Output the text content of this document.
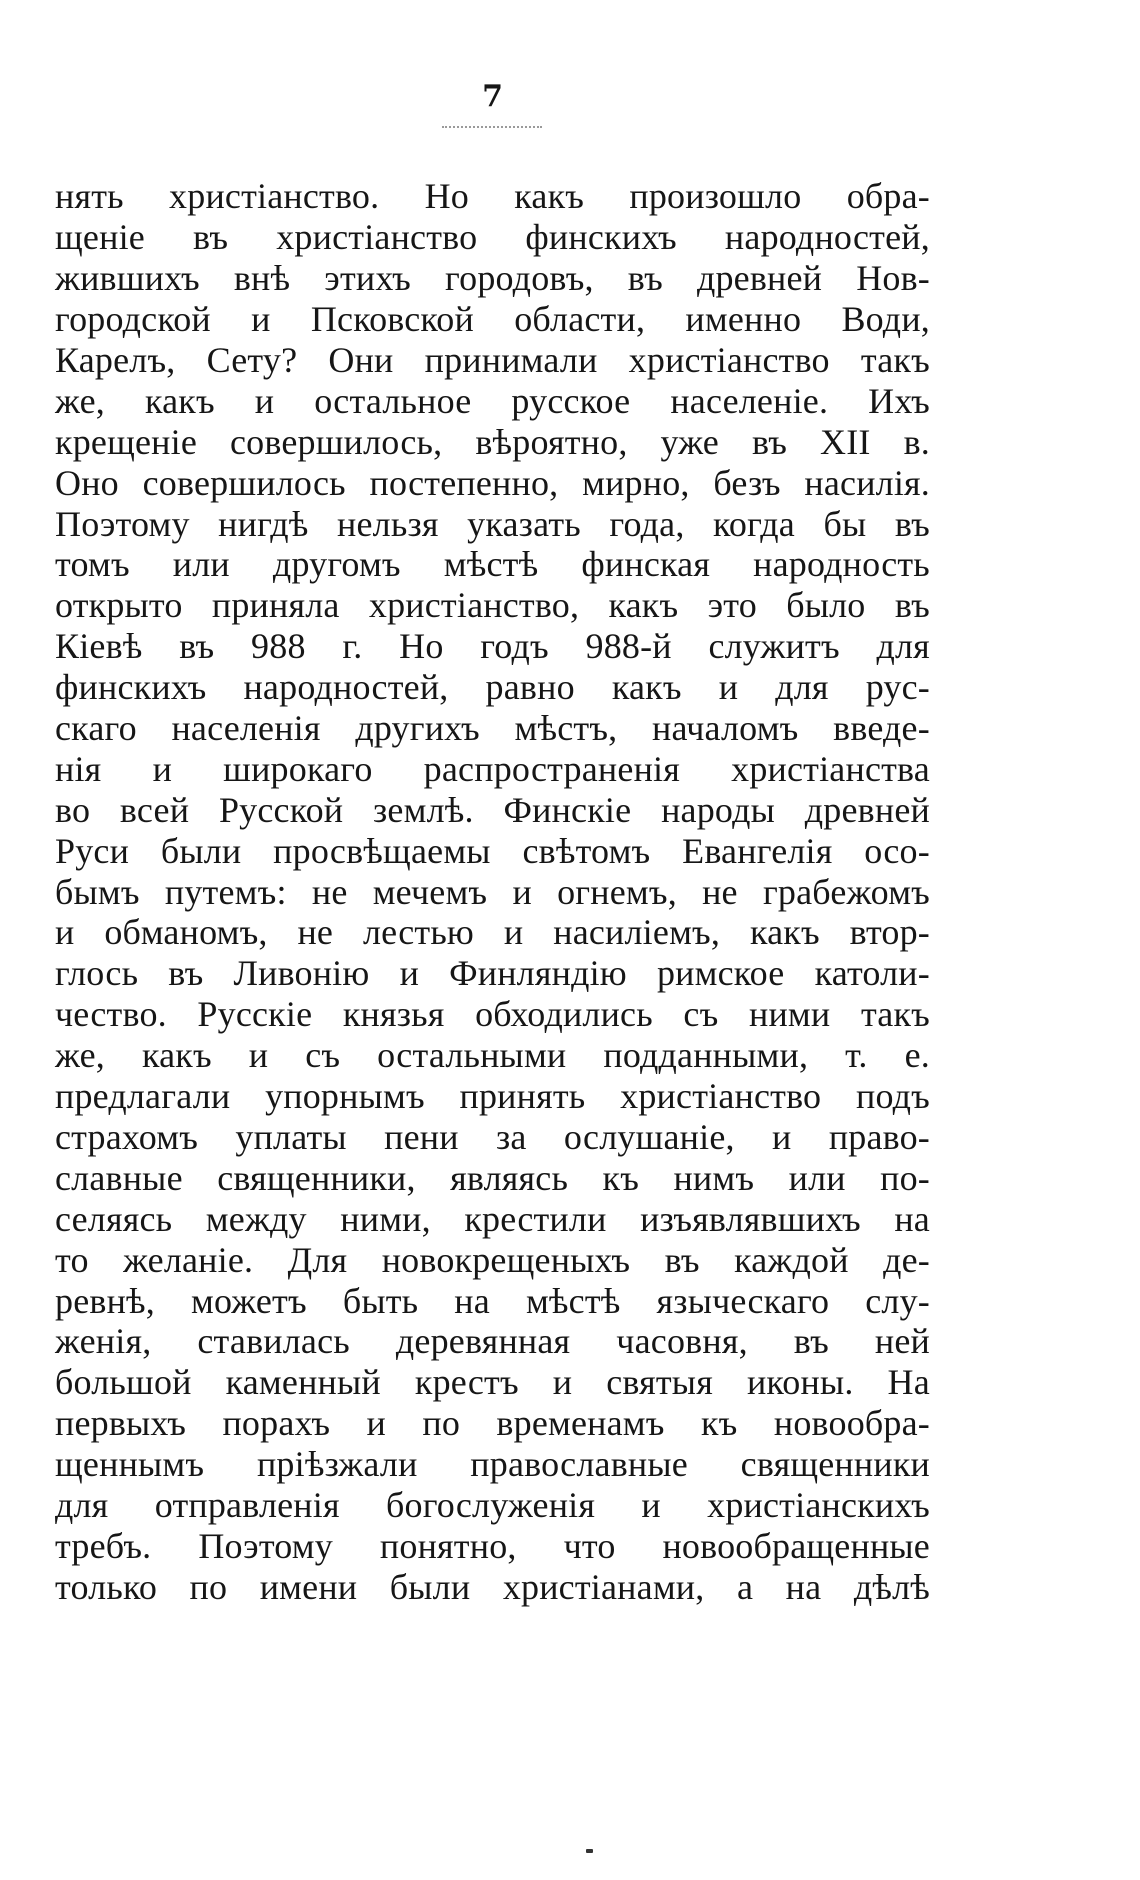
7
нять христіанство. Но какъ произошло обра-
щеніе въ христіанство финскихъ народностей,
жившихъ внѣ этихъ городовъ, въ древней Нов-
городской и Псковской области, именно Води,
Карелъ, Сету? Они принимали христіанство такъ
же, какъ и остальное русское населеніе. Ихъ
крещеніе совершилось, вѣроятно, уже въ XII в.
Оно совершилось постепенно, мирно, безъ насилія.
Поэтому нигдѣ нельзя указать года, когда бы въ
томъ или другомъ мѣстѣ финская народность
открыто приняла христіанство, какъ это было въ
Кіевѣ въ 988 г. Но годъ 988-й служитъ для
финскихъ народностей, равно какъ и для рус-
скаго населенія другихъ мѣстъ, началомъ введе-
нія и широкаго распространенія христіанства
во всей Русской землѣ. Финскіе народы древней
Руси были просвѣщаемы свѣтомъ Евангелія осо-
бымъ путемъ: не мечемъ и огнемъ, не грабежомъ
и обманомъ, не лестью и насиліемъ, какъ втор-
глось въ Ливонію и Финляндію римское католи-
чество. Русскіе князья обходились съ ними такъ
же, какъ и съ остальными подданными, т. е.
предлагали упорнымъ принять христіанство подъ
страхомъ уплаты пени за ослушаніе, и право-
славные священники, являясь къ нимъ или по-
селяясь между ними, крестили изъявлявшихъ на
то желаніе. Для новокрещеныхъ въ каждой де-
ревнѣ, можетъ быть на мѣстѣ языческаго слу-
женія, ставилась деревянная часовня, въ ней
большой каменный крестъ и святыя иконы. На
первыхъ порахъ и по временамъ къ новообра-
щеннымъ пріѣзжали православные священники
для отправленія богослуженія и христіанскихъ
требъ. Поэтому понятно, что новообращенные
только по имени были христіанами, а на дѣлѣ
